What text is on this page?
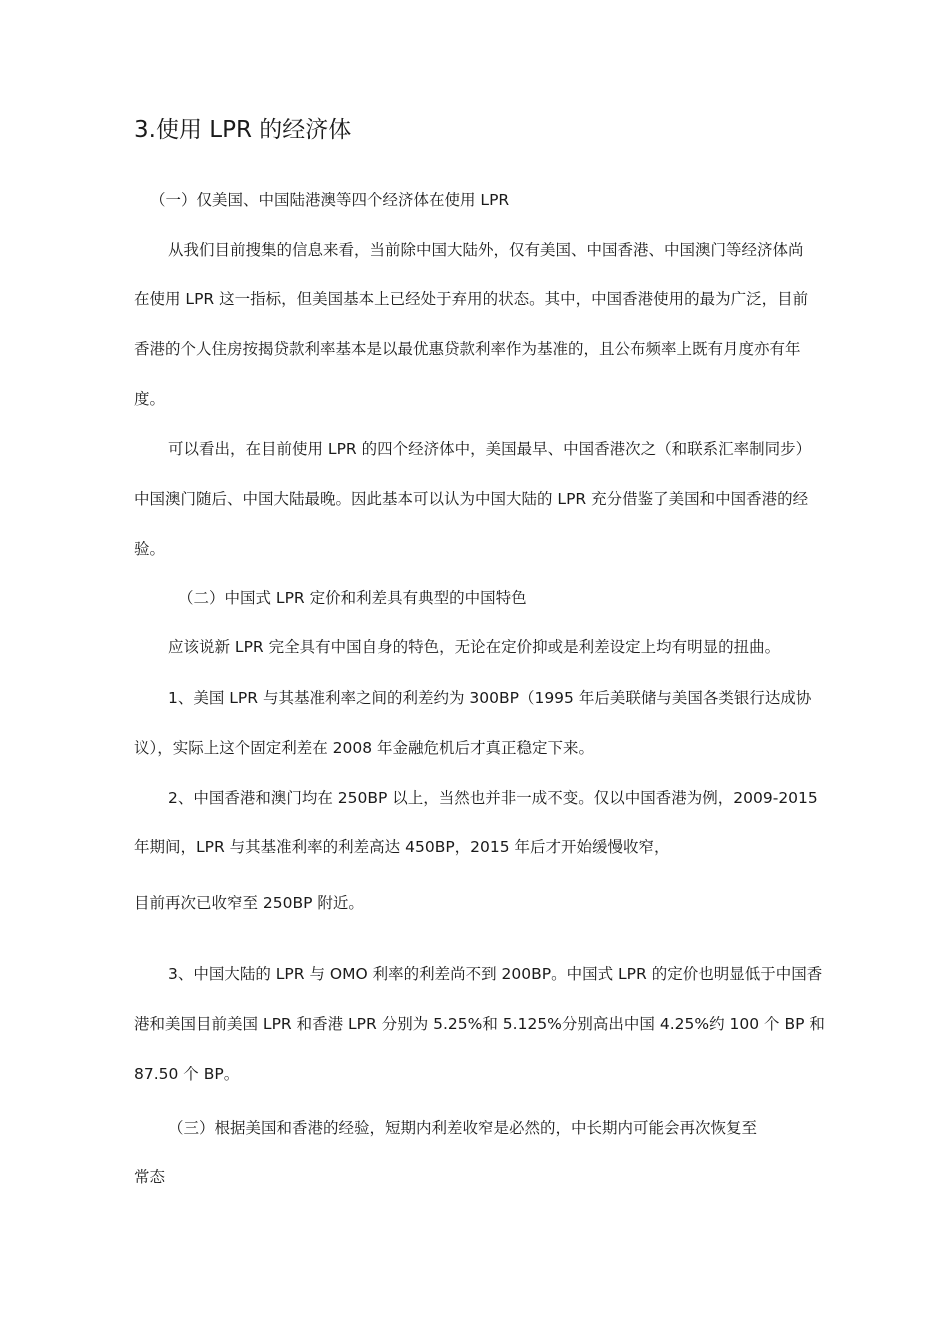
3.使用 LPR 的经济体
（一）仅美国、中国陆港澳等四个经济体在使用 LPR
从我们目前搜集的信息来看，当前除中国大陆外，仅有美国、中国香港、中国澳门等经济体尚
在使用 LPR 这一指标，但美国基本上已经处于弃用的状态。其中，中国香港使用的最为广泛，目前
香港的个人住房按揭贷款利率基本是以最优惠贷款利率作为基准的，且公布频率上既有月度亦有年
度。
可以看出，在目前使用 LPR 的四个经济体中，美国最早、中国香港次之（和联系汇率制同步）
中国澳门随后、中国大陆最晚。因此基本可以认为中国大陆的 LPR 充分借鉴了美国和中国香港的经
验。
（二）中国式 LPR 定价和利差具有典型的中国特色
应该说新 LPR 完全具有中国自身的特色，无论在定价抑或是利差设定上均有明显的扭曲。
1、美国 LPR 与其基准利率之间的利差约为 300BP（1995 年后美联储与美国各类银行达成协
议），实际上这个固定利差在 2008 年金融危机后才真正稳定下来。
2、中国香港和澳门均在 250BP 以上，当然也并非一成不变。仅以中国香港为例，2009-2015
年期间，LPR 与其基准利率的利差高达 450BP，2015 年后才开始缓慢收窄，
目前再次已收窄至 250BP 附近。
3、中国大陆的 LPR 与 OMO 利率的利差尚不到 200BP。中国式 LPR 的定价也明显低于中国香
港和美国目前美国 LPR 和香港 LPR 分别为 5.25%和 5.125%分别高出中国 4.25%约 100 个 BP 和
87.50 个 BP。
（三）根据美国和香港的经验，短期内利差收窄是必然的，中长期内可能会再次恢复至
常态
